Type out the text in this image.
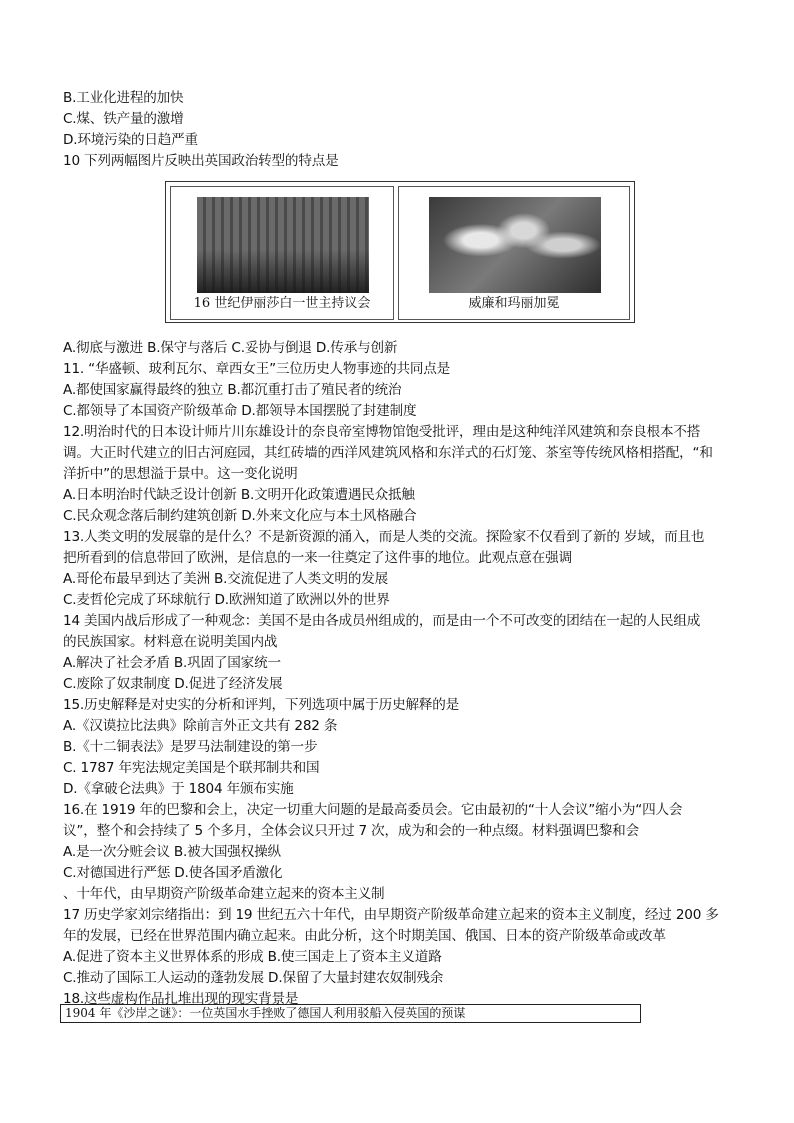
B.工业化进程的加快
C.煤、铁产量的激增
D.环境污染的日趋严重
10 下列两幅图片反映出英国政治转型的特点是
A.彻底与激进 B.保守与落后 C.妥协与倒退 D.传承与创新
11. “华盛顿、玻利瓦尔、章西女王”三位历史人物事迹的共同点是
A.都使国家赢得最终的独立 B.都沉重打击了殖民者的统治
C.都领导了本国资产阶级革命 D.都领导本国摆脱了封建制度
12.明治时代的日本设计师片川东雄设计的奈良帝室博物馆饱受批评，理由是这种纯洋风建筑和奈良根本不搭
调。大正时代建立的旧古河庭园，其红砖墙的西洋风建筑风格和东洋式的石灯笼、茶室等传统风格相搭配，“和
洋折中”的思想溢于景中。这一变化说明
A.日本明治时代缺乏设计创新 B.文明开化政策遭遇民众抵触
C.民众观念落后制约建筑创新 D.外来文化应与本土风格融合
13.人类文明的发展靠的是什么？不是新资源的涌入，而是人类的交流。探险家不仅看到了新的 岁域，而且也
把所看到的信息带回了欧洲，是信息的一来一往奠定了这件事的地位。此观点意在强调
A.哥伦布最早到达了美洲 B.交流促进了人类文明的发展
C.麦哲伦完成了环球航行 D.欧洲知道了欧洲以外的世界
14 美国内战后形成了一种观念：美国不是由各成员州组成的，而是由一个不可改变的团结在一起的人民组成
的民族国家。材料意在说明美国内战
A.解决了社会矛盾 B.巩固了国家统一
C.废除了奴隶制度 D.促进了经济发展
15.历史解释是对史实的分析和评判，下列选项中属于历史解释的是
A.《汉谟拉比法典》除前言外正文共有 282 条
B.《十二铜表法》是罗马法制建设的第一步
C. 1787 年宪法规定美国是个联邦制共和国
D.《拿破仑法典》于 1804 年颁布实施
16.在 1919 年的巴黎和会上，决定一切重大问题的是最高委员会。它由最初的“十人会议”缩小为“四人会
议”，整个和会持续了 5 个多月，全体会议只开过 7 次，成为和会的一种点缀。材料强调巴黎和会
A.是一次分赃会议 B.被大国强权操纵
C.对德国进行严惩 D.使各国矛盾激化
、十年代，由早期资产阶级革命建立起来的资本主义制
17 历史学家刘宗绪指出：到 19 世纪五六十年代，由早期资产阶级革命建立起来的资本主义制度，经过 200 多
年的发展，已经在世界范围内确立起来。由此分析，这个时期美国、俄国、日本的资产阶级革命或改革
A.促进了资本主义世界体系的形成 B.使三国走上了资本主义道路
C.推动了国际工人运动的蓬勃发展 D.保留了大量封建农奴制残余
18.这些虚构作品扎堆出现的现实背景是
16 世纪伊丽莎白一世主持议会	威廉和玛丽加冕
1904 年《沙岸之谜》：一位英国水手挫败了德国人利用驳船入侵英国的预谋
